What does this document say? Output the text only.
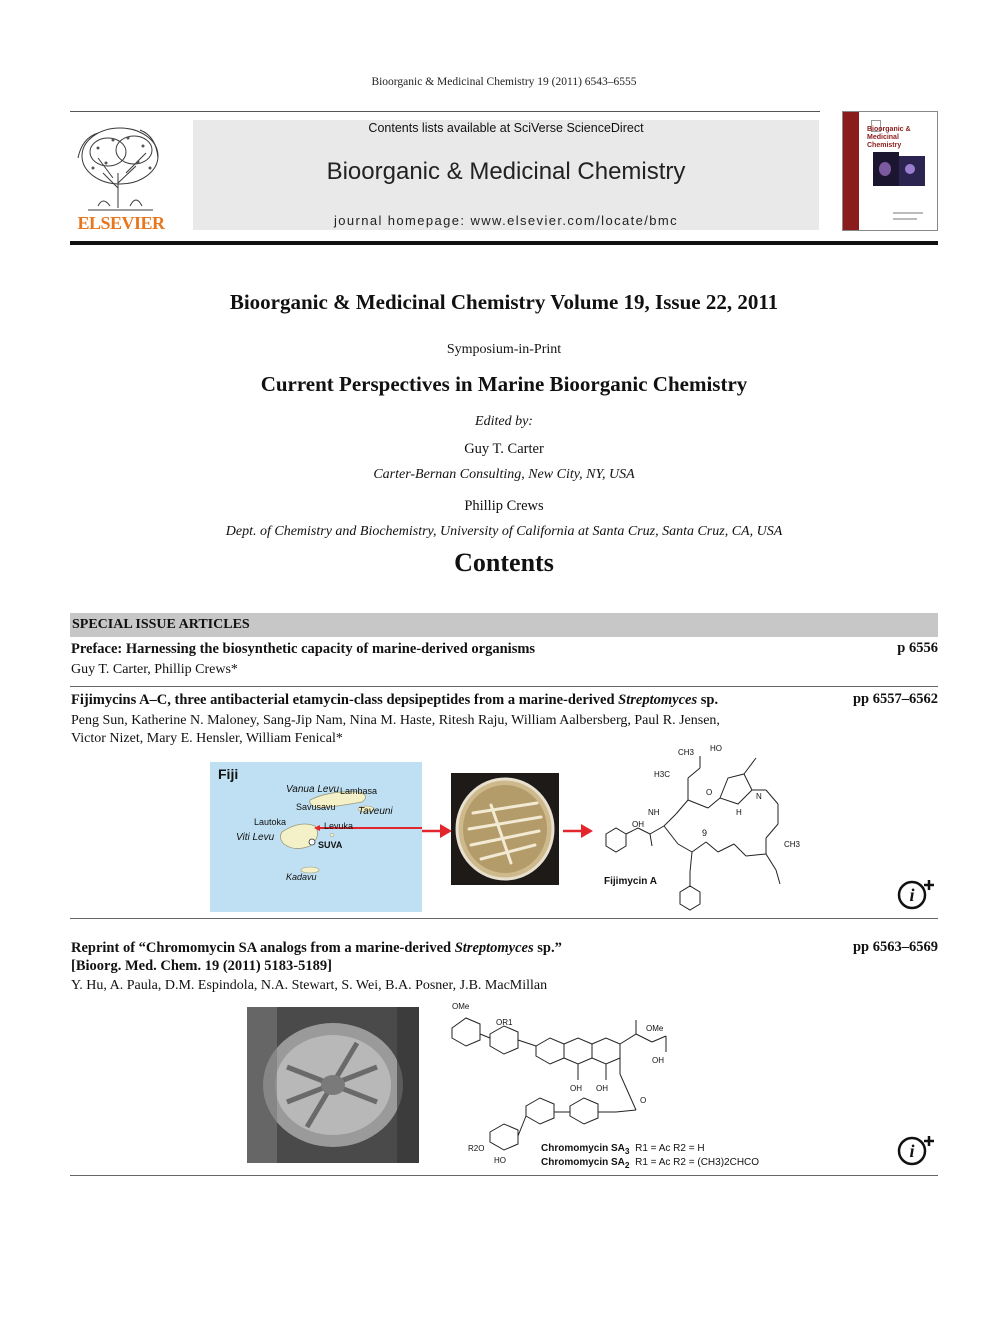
Bioorganic & Medicinal Chemistry 19 (2011) 6543–6555
ELSEVIER
Contents lists available at SciVerse ScienceDirect
Bioorganic & Medicinal Chemistry
journal homepage: www.elsevier.com/locate/bmc
Bioorganic & Medicinal Chemistry
Bioorganic & Medicinal Chemistry Volume 19, Issue 22, 2011
Symposium-in-Print
Current Perspectives in Marine Bioorganic Chemistry
Edited by:
Guy T. Carter
Carter-Bernan Consulting, New City, NY, USA
Phillip Crews
Dept. of Chemistry and Biochemistry, University of California at Santa Cruz, Santa Cruz, CA, USA
Contents
SPECIAL ISSUE ARTICLES
Preface: Harnessing the biosynthetic capacity of marine-derived organisms	p 6556
Guy T. Carter, Phillip Crews*
Fijimycins A–C, three antibacterial etamycin-class depsipeptides from a marine-derived Streptomyces sp.	pp 6557–6562
Peng Sun, Katherine N. Maloney, Sang-Jip Nam, Nina M. Haste, Ritesh Raju, William Aalbersberg, Paul R. Jensen,
Victor Nizet, Mary E. Hensler, William Fenical*
Fiji
Vanua Levu Lambasa
Savusavu Taveuni
Lautoka	Levuka
Viti Levu
SUVA
Kadavu
CH3 HO
H3C
OH
NH
N
O
H
CH3
9
Fijimycin A
i
Reprint of “Chromomycin SA analogs from a marine-derived Streptomyces sp.”
[Bioorg. Med. Chem. 19 (2011) 5183-5189]
pp 6563–6569
Y. Hu, A. Paula, D.M. Espindola, N.A. Stewart, S. Wei, B.A. Posner, J.B. MacMillan
OMe
OR1
OH
OH OH
OMe
R2O
HO
O
Chromomycin $SA_3$ R1 = Ac R2 = H
Chromomycin $SA_2$ R1 = Ac R2 = (CH3)2CHCO
i
